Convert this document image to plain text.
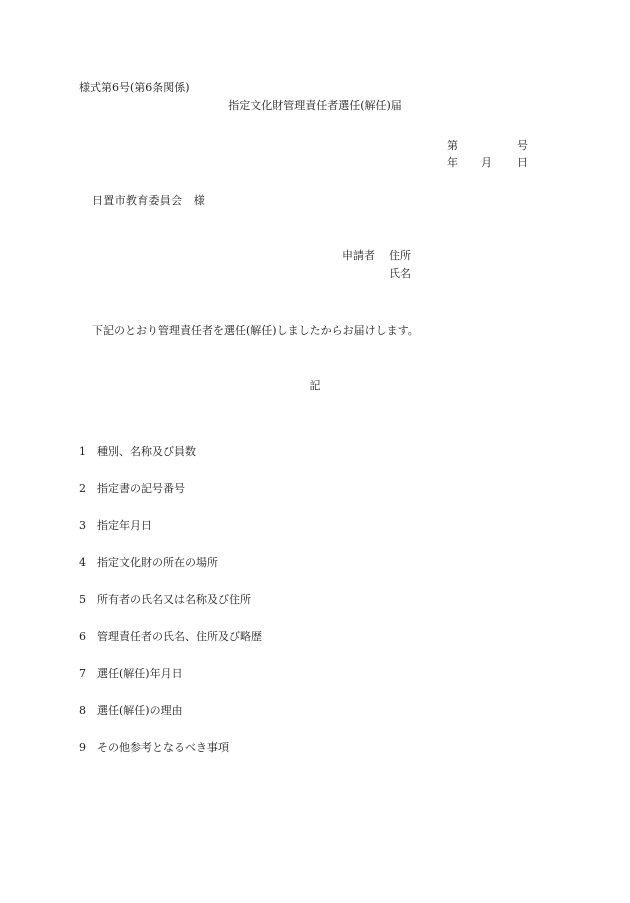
様式第6号(第6条関係)
指定文化財管理責任者選任(解任)届
第	号
年 月 日
日置市教育委員会　様
申請者 住所
氏名
下記のとおり管理責任者を選任(解任)しましたからお届けします。
記
1 種別、名称及び員数
2 指定書の記号番号
3 指定年月日
4 指定文化財の所在の場所
5 所有者の氏名又は名称及び住所
6 管理責任者の氏名、住所及び略歴
7 選任(解任)年月日
8 選任(解任)の理由
9 その他参考となるべき事項
